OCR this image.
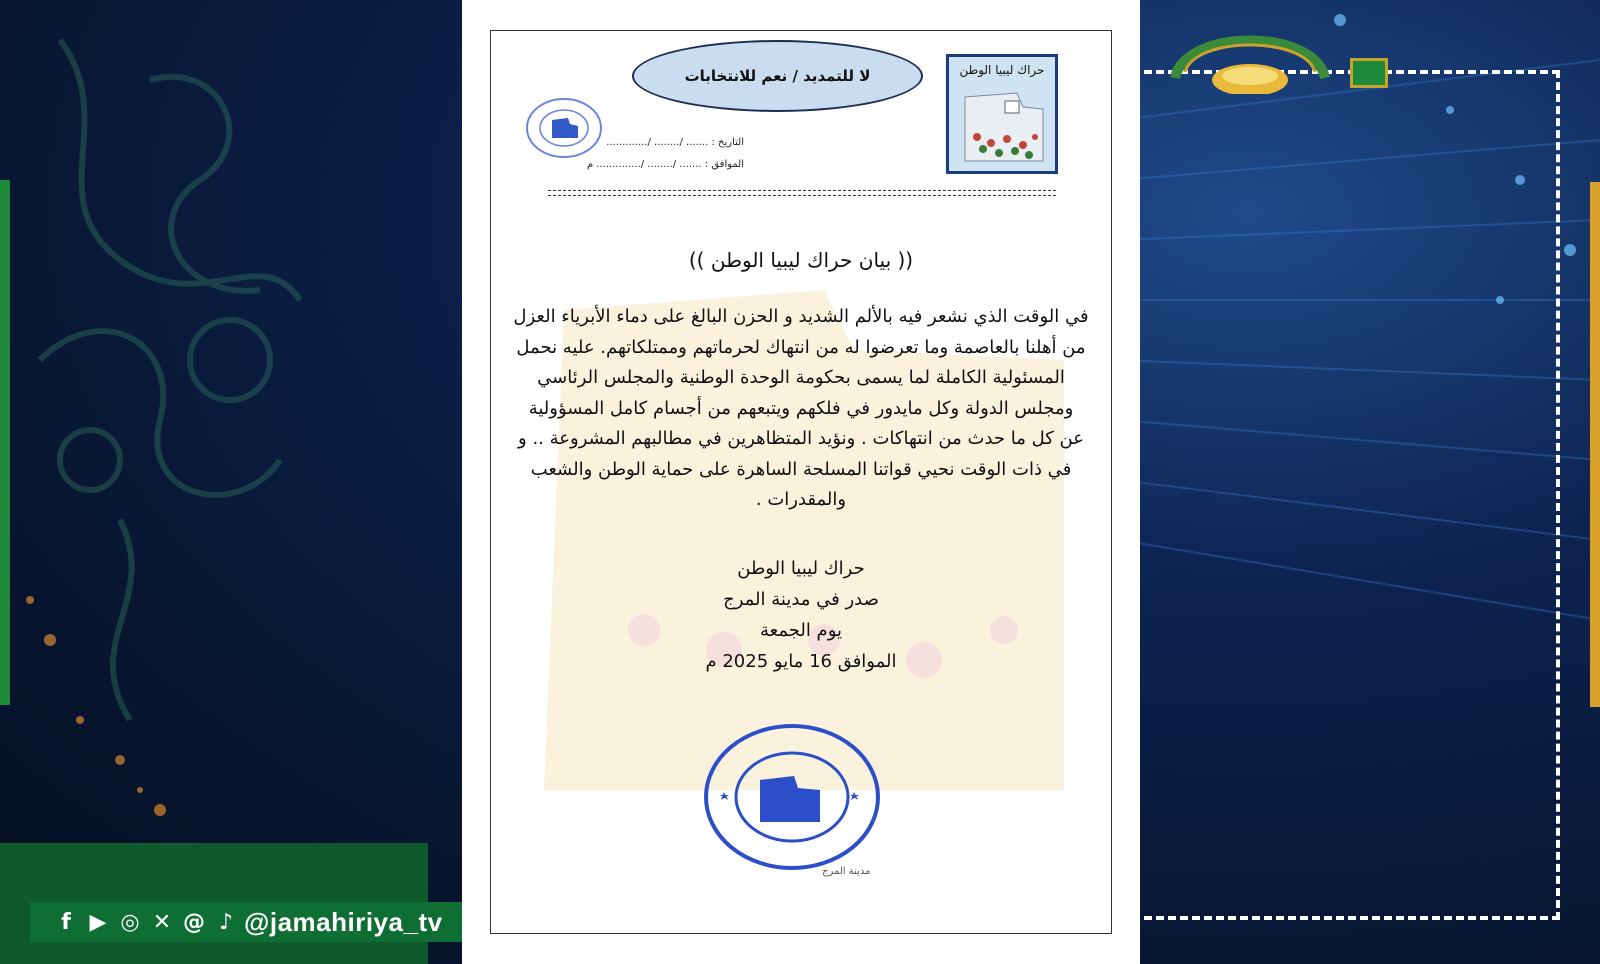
f ▶ ◎ ✕ @ ♪ @jamahiriya_tv
لا للتمديد / نعم للانتخابات	حراك ليبيا الوطن
التاريخ : ....... /........ /.............
الموافق : ....... /........ /.............. م
(( بيان حراك ليبيا الوطن ))
في الوقت الذي نشعر فيه بالألم الشديد و الحزن البالغ على دماء الأبرياء العزل
من أهلنا بالعاصمة وما تعرضوا له من انتهاك لحرماتهم وممتلكاتهم. عليه نحمل
المسئولية الكاملة لما يسمى بحكومة الوحدة الوطنية والمجلس الرئاسي
ومجلس الدولة وكل مايدور في فلكهم ويتبعهم من أجسام كامل المسؤولية
عن كل ما حدث من انتهاكات . ونؤيد المتظاهرين في مطالبهم المشروعة .. و
في ذات الوقت نحيي قواتنا المسلحة الساهرة على حماية الوطن والشعب
والمقدرات .
حراك ليبيا الوطن
صدر في مدينة المرج
يوم الجمعة
الموافق 16 مايو 2025 م
مدينة المرج
